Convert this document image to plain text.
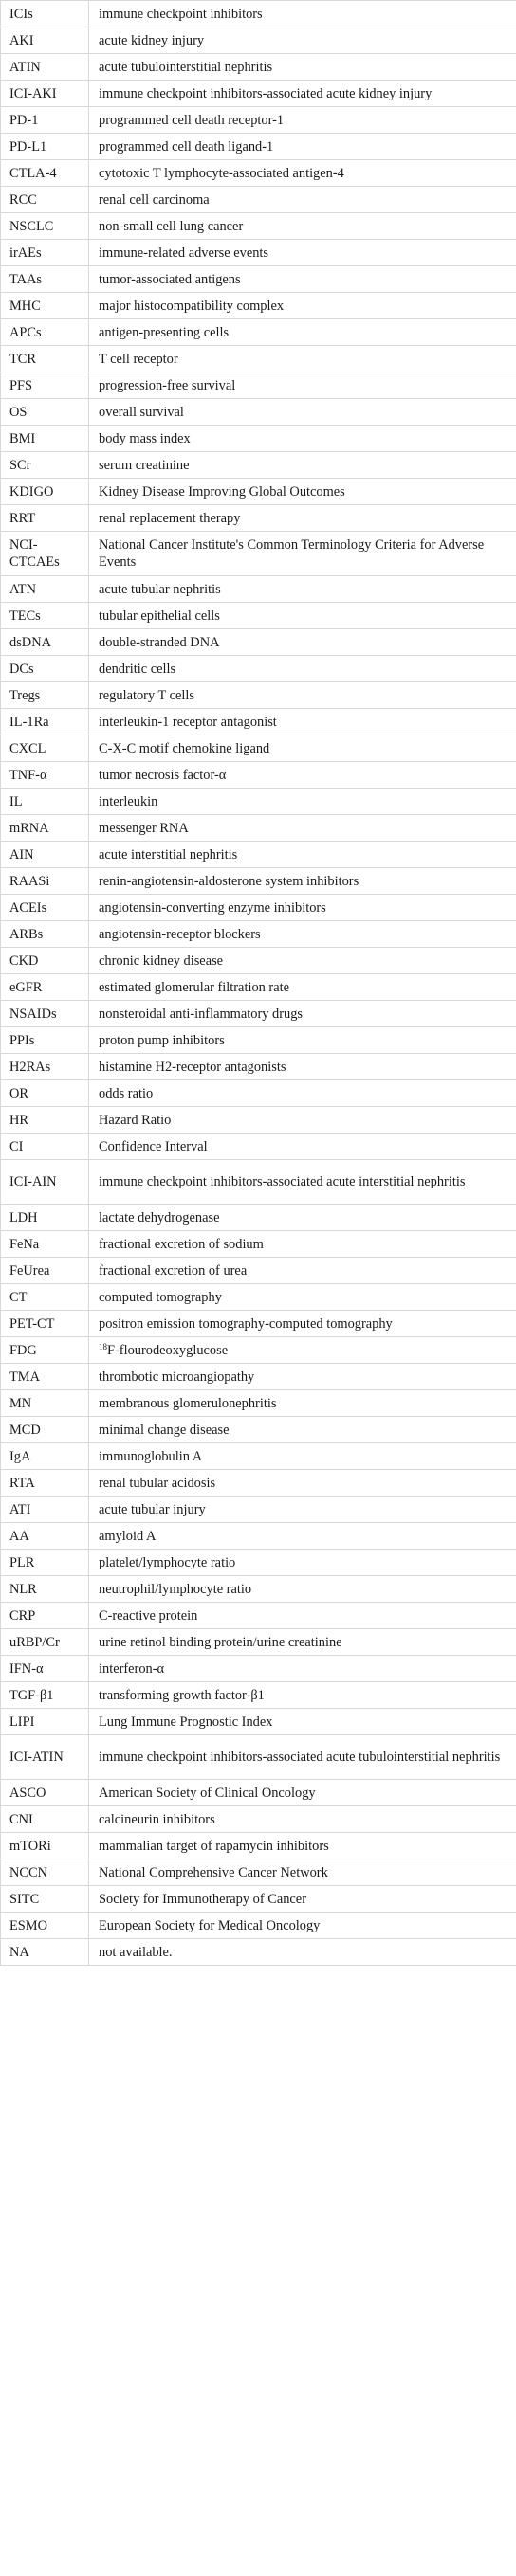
ICIs	immune checkpoint inhibitors
AKI	acute kidney injury
ATIN	acute tubulointerstitial nephritis
ICI-AKI	immune checkpoint inhibitors-associated acute kidney injury
PD-1	programmed cell death receptor-1
PD-L1	programmed cell death ligand-1
CTLA-4	cytotoxic T lymphocyte-associated antigen-4
RCC	renal cell carcinoma
NSCLC	non-small cell lung cancer
irAEs	immune-related adverse events
TAAs	tumor-associated antigens
MHC	major histocompatibility complex
APCs	antigen-presenting cells
TCR	T cell receptor
PFS	progression-free survival
OS	overall survival
BMI	body mass index
SCr	serum creatinine
KDIGO	Kidney Disease Improving Global Outcomes
RRT	renal replacement therapy
NCI-CTCAEs	National Cancer Institute's Common Terminology Criteria for Adverse Events
ATN	acute tubular nephritis
TECs	tubular epithelial cells
dsDNA	double-stranded DNA
DCs	dendritic cells
Tregs	regulatory T cells
IL-1Ra	interleukin-1 receptor antagonist
CXCL	C-X-C motif chemokine ligand
TNF-α	tumor necrosis factor-α
IL	interleukin
mRNA	messenger RNA
AIN	acute interstitial nephritis
RAASi	renin-angiotensin-aldosterone system inhibitors
ACEIs	angiotensin-converting enzyme inhibitors
ARBs	angiotensin-receptor blockers
CKD	chronic kidney disease
eGFR	estimated glomerular filtration rate
NSAIDs	nonsteroidal anti-inflammatory drugs
PPIs	proton pump inhibitors
H2RAs	histamine H2-receptor antagonists
OR	odds ratio
HR	Hazard Ratio
CI	Confidence Interval
ICI-AIN	immune checkpoint inhibitors-associated acute interstitial nephritis
LDH	lactate dehydrogenase
FeNa	fractional excretion of sodium
FeUrea	fractional excretion of urea
CT	computed tomography
PET-CT	positron emission tomography-computed tomography
FDG	$^{18}$F-flourodeoxyglucose
TMA	thrombotic microangiopathy
MN	membranous glomerulonephritis
MCD	minimal change disease
IgA	immunoglobulin A
RTA	renal tubular acidosis
ATI	acute tubular injury
AA	amyloid A
PLR	platelet/lymphocyte ratio
NLR	neutrophil/lymphocyte ratio
CRP	C-reactive protein
uRBP/Cr	urine retinol binding protein/urine creatinine
IFN-α	interferon-α
TGF-β1	transforming growth factor-β1
LIPI	Lung Immune Prognostic Index
ICI-ATIN	immune checkpoint inhibitors-associated acute tubulointerstitial nephritis
ASCO	American Society of Clinical Oncology
CNI	calcineurin inhibitors
mTORi	mammalian target of rapamycin inhibitors
NCCN	National Comprehensive Cancer Network
SITC	Society for Immunotherapy of Cancer
ESMO	European Society for Medical Oncology
NA	not available.
